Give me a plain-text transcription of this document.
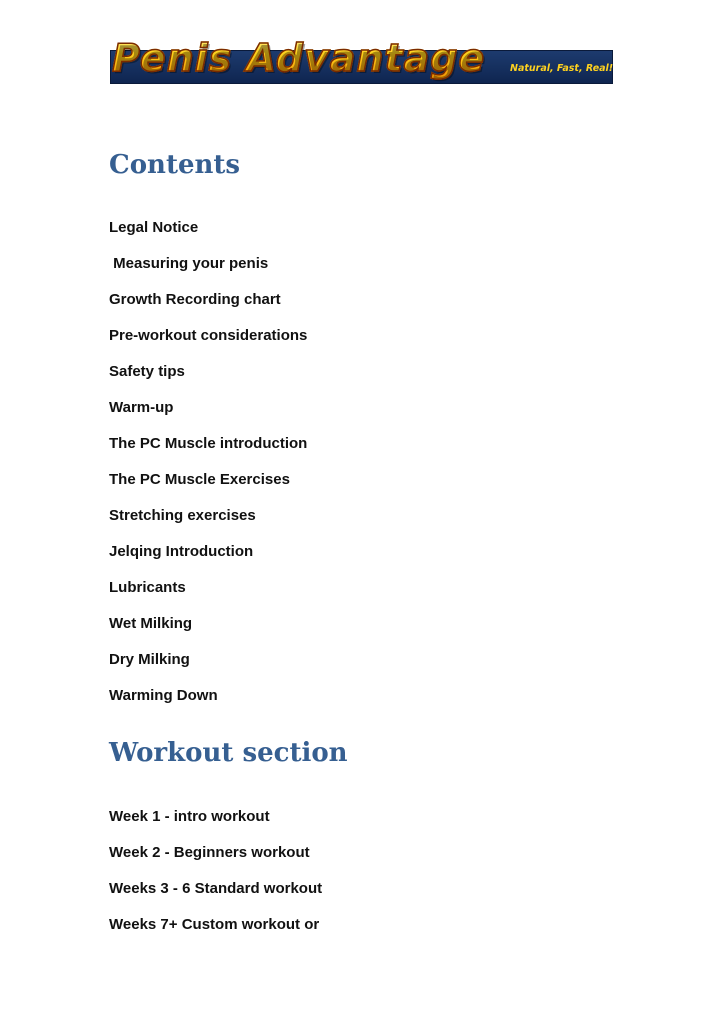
Penis Advantage	Natural, Fast, Real!
Contents
Legal Notice
Measuring your penis
Growth Recording chart
Pre-workout considerations
Safety tips
Warm-up
The PC Muscle introduction
The PC Muscle Exercises
Stretching exercises
Jelqing Introduction
Lubricants
Wet Milking
Dry Milking
Warming Down
Workout section
Week 1 - intro workout
Week 2 - Beginners workout
Weeks 3 - 6 Standard workout
Weeks 7+ Custom workout or
